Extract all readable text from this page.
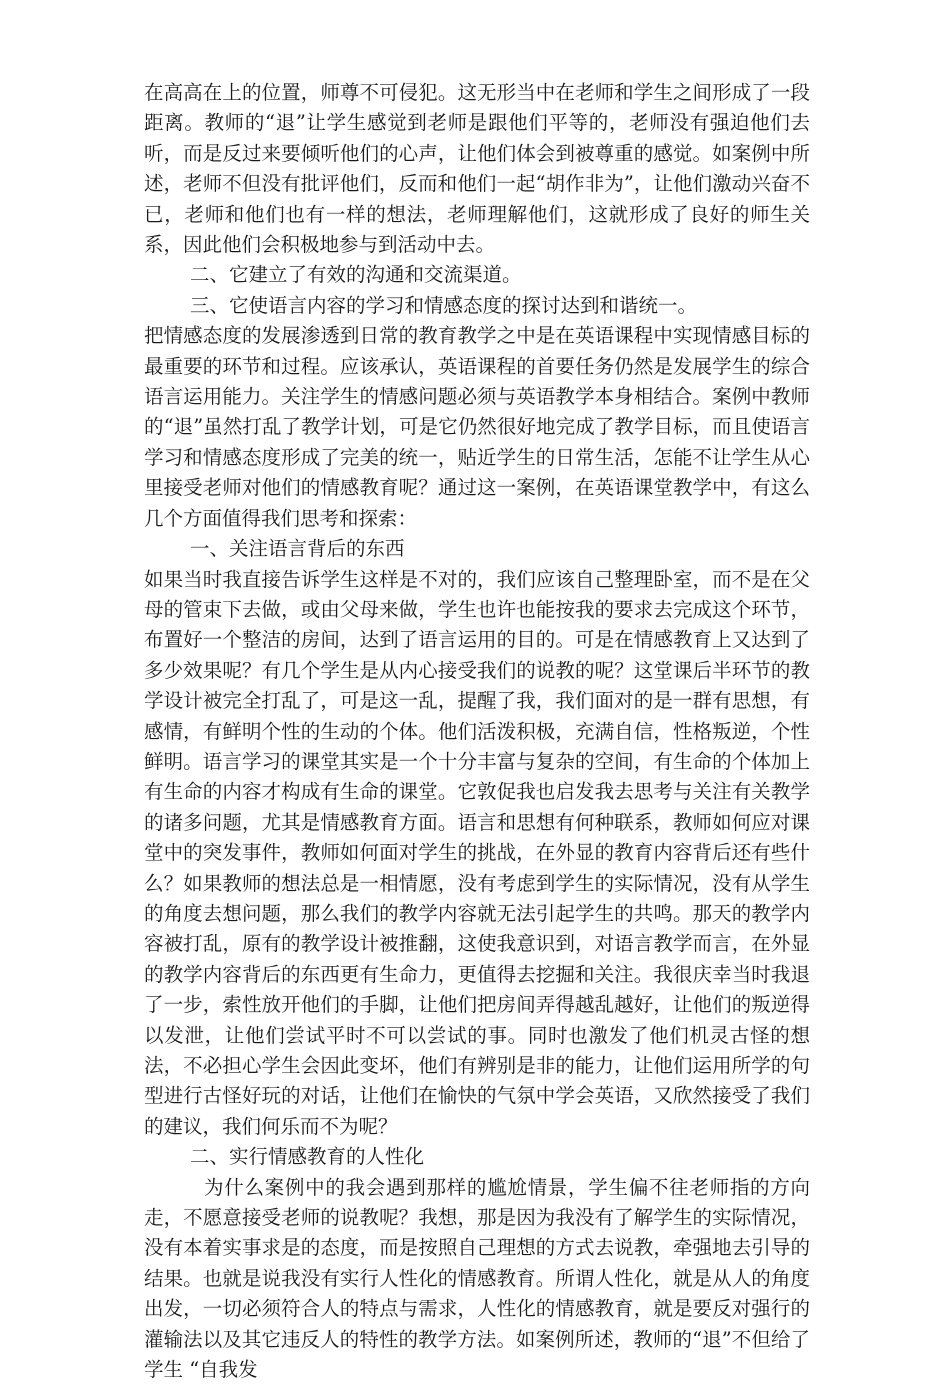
在高高在上的位置，师尊不可侵犯。这无形当中在老师和学生之间形成了一段距离。教师的“退”让学生感觉到老师是跟他们平等的，老师没有强迫他们去听，而是反过来要倾听他们的心声，让他们体会到被尊重的感觉。如案例中所述，老师不但没有批评他们，反而和他们一起“胡作非为”，让他们激动兴奋不已，老师和他们也有一样的想法，老师理解他们，这就形成了良好的师生关系，因此他们会积极地参与到活动中去。

二、它建立了有效的沟通和交流渠道。

三、它使语言内容的学习和情感态度的探讨达到和谐统一。

把情感态度的发展渗透到日常的教育教学之中是在英语课程中实现情感目标的最重要的环节和过程。应该承认，英语课程的首要任务仍然是发展学生的综合语言运用能力。关注学生的情感问题必须与英语教学本身相结合。案例中教师的“退”虽然打乱了教学计划，可是它仍然很好地完成了教学目标，而且使语言学习和情感态度形成了完美的统一，贴近学生的日常生活，怎能不让学生从心里接受老师对他们的情感教育呢？通过这一案例，在英语课堂教学中，有这么几个方面值得我们思考和探索：

一、关注语言背后的东西

如果当时我直接告诉学生这样是不对的，我们应该自己整理卧室，而不是在父母的管束下去做，或由父母来做，学生也许也能按我的要求去完成这个环节，布置好一个整洁的房间，达到了语言运用的目的。可是在情感教育上又达到了多少效果呢？有几个学生是从内心接受我们的说教的呢？这堂课后半环节的教学设计被完全打乱了，可是这一乱，提醒了我，我们面对的是一群有思想，有感情，有鲜明个性的生动的个体。他们活泼积极，充满自信，性格叛逆，个性鲜明。语言学习的课堂其实是一个十分丰富与复杂的空间，有生命的个体加上有生命的内容才构成有生命的课堂。它敦促我也启发我去思考与关注有关教学的诸多问题，尤其是情感教育方面。语言和思想有何种联系，教师如何应对课堂中的突发事件，教师如何面对学生的挑战，在外显的教育内容背后还有些什么？如果教师的想法总是一相情愿，没有考虑到学生的实际情况，没有从学生的角度去想问题，那么我们的教学内容就无法引起学生的共鸣。那天的教学内容被打乱，原有的教学设计被推翻，这使我意识到，对语言教学而言，在外显的教学内容背后的东西更有生命力，更值得去挖掘和关注。我很庆幸当时我退了一步，索性放开他们的手脚，让他们把房间弄得越乱越好，让他们的叛逆得以发泄，让他们尝试平时不可以尝试的事。同时也激发了他们机灵古怪的想法，不必担心学生会因此变坏，他们有辨别是非的能力，让他们运用所学的句型进行古怪好玩的对话，让他们在愉快的气氛中学会英语，又欣然接受了我们的建议，我们何乐而不为呢？

二、实行情感教育的人性化

为什么案例中的我会遇到那样的尴尬情景，学生偏不往老师指的方向走，不愿意接受老师的说教呢？我想，那是因为我没有了解学生的实际情况，没有本着实事求是的态度，而是按照自己理想的方式去说教，牵强地去引导的结果。也就是说我没有实行人性化的情感教育。所谓人性化，就是从人的角度出发，一切必须符合人的特点与需求，人性化的情感教育，就是要反对强行的灌输法以及其它违反人的特性的教学方法。如案例所述，教师的“退”不但给了学生 “自我发
